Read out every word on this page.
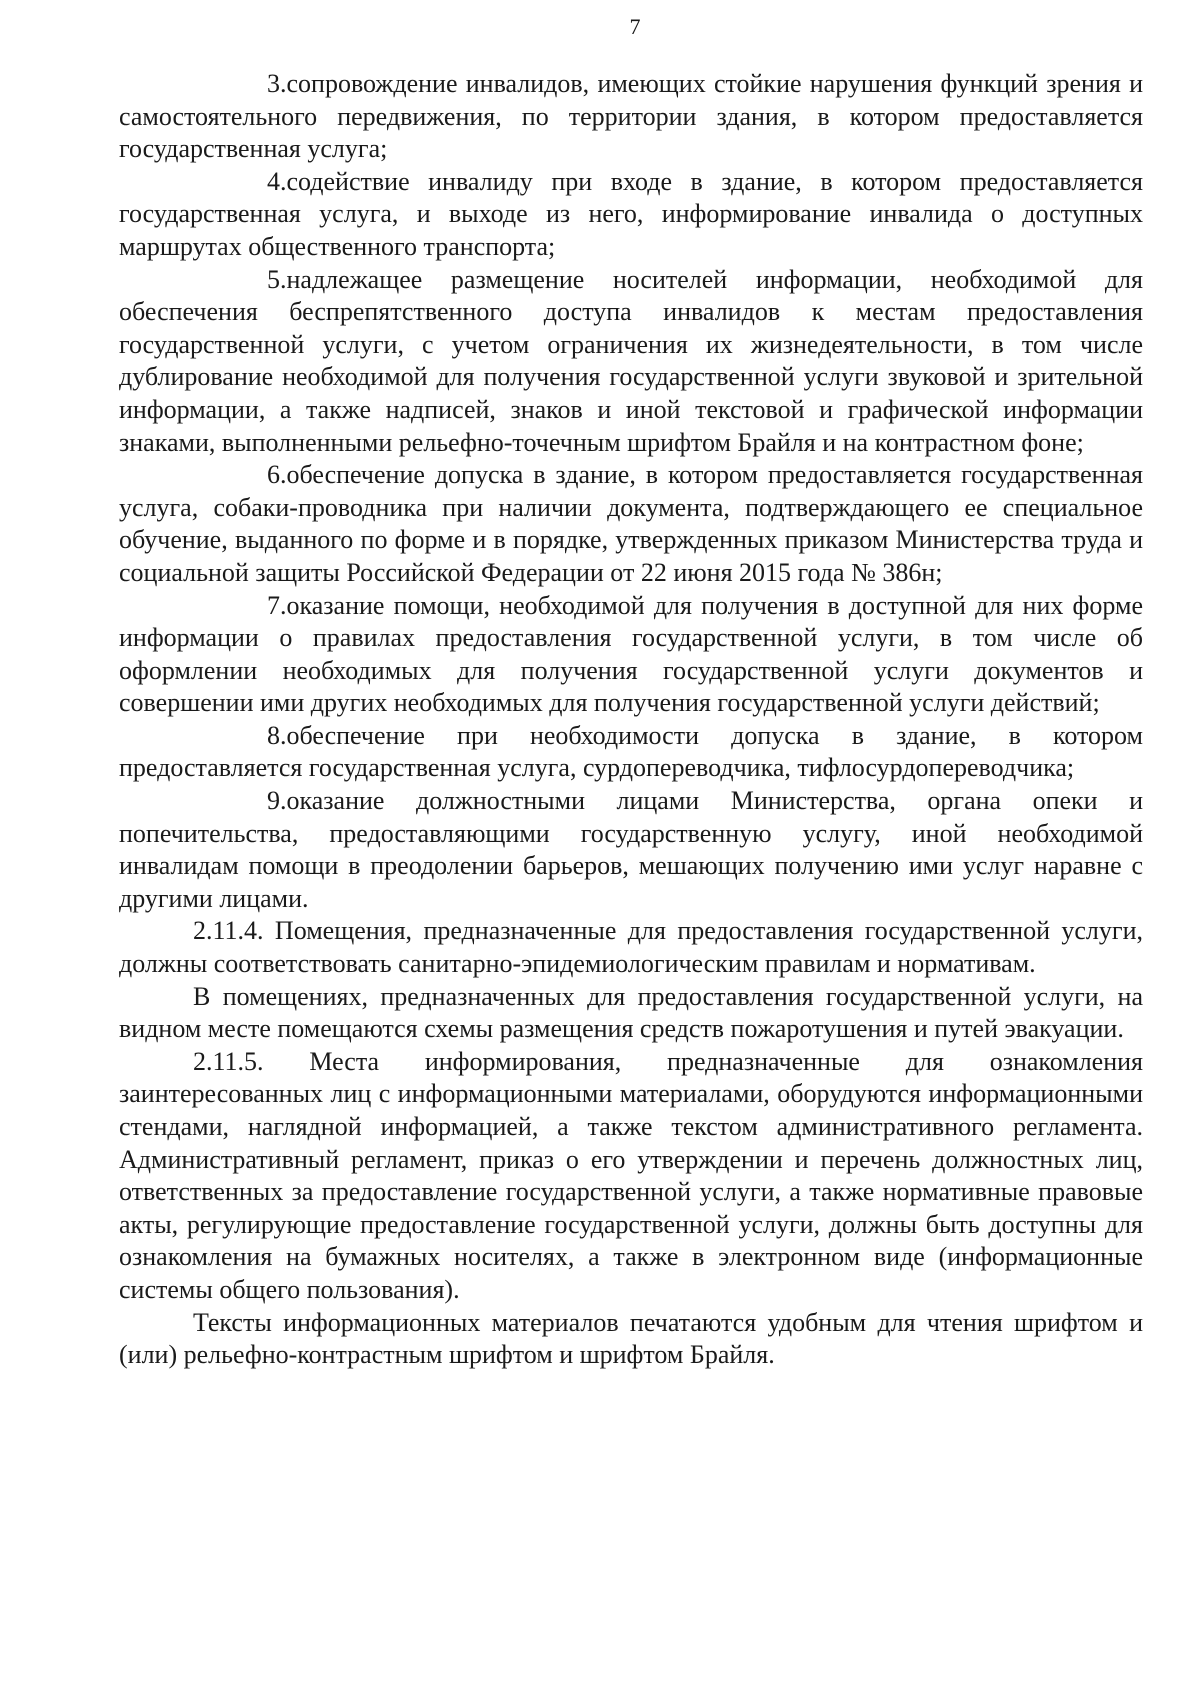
7

3.сопровождение инвалидов, имеющих стойкие нарушения функций зрения и самостоятельного передвижения, по территории здания, в котором предоставляется государственная услуга;

4.содействие инвалиду при входе в здание, в котором предоставляется государственная услуга, и выходе из него, информирование инвалида о доступных маршрутах общественного транспорта;

5.надлежащее размещение носителей информации, необходимой для обеспечения беспрепятственного доступа инвалидов к местам предоставления государственной услуги, с учетом ограничения их жизнедеятельности, в том числе дублирование необходимой для получения государственной услуги звуковой и зрительной информации, а также надписей, знаков и иной текстовой и графической информации знаками, выполненными рельефно-точечным шрифтом Брайля и на контрастном фоне;

6.обеспечение допуска в здание, в котором предоставляется государственная услуга, собаки-проводника при наличии документа, подтверждающего ее специальное обучение, выданного по форме и в порядке, утвержденных приказом Министерства труда и социальной защиты Российской Федерации от 22 июня 2015 года № 386н;

7.оказание помощи, необходимой для получения в доступной для них форме информации о правилах предоставления государственной услуги, в том числе об оформлении необходимых для получения государственной услуги документов и совершении ими других необходимых для получения государственной услуги действий;

8.обеспечение при необходимости допуска в здание, в котором предоставляется государственная услуга, сурдопереводчика, тифлосурдопереводчика;

9.оказание должностными лицами Министерства, органа опеки и попечительства, предоставляющими государственную услугу, иной необходимой инвалидам помощи в преодолении барьеров, мешающих получению ими услуг наравне с другими лицами.

2.11.4. Помещения, предназначенные для предоставления государственной услуги, должны соответствовать санитарно-эпидемиологическим правилам и нормативам.

В помещениях, предназначенных для предоставления государственной услуги, на видном месте помещаются схемы размещения средств пожаротушения и путей эвакуации.

2.11.5. Места информирования, предназначенные для ознакомления заинтересованных лиц с информационными материалами, оборудуются информационными стендами, наглядной информацией, а также текстом административного регламента. Административный регламент, приказ о его утверждении и перечень должностных лиц, ответственных за предоставление государственной услуги, а также нормативные правовые акты, регулирующие предоставление государственной услуги, должны быть доступны для ознакомления на бумажных носителях, а также в электронном виде (информационные системы общего пользования).

Тексты информационных материалов печатаются удобным для чтения шрифтом и (или) рельефно-контрастным шрифтом и шрифтом Брайля.
